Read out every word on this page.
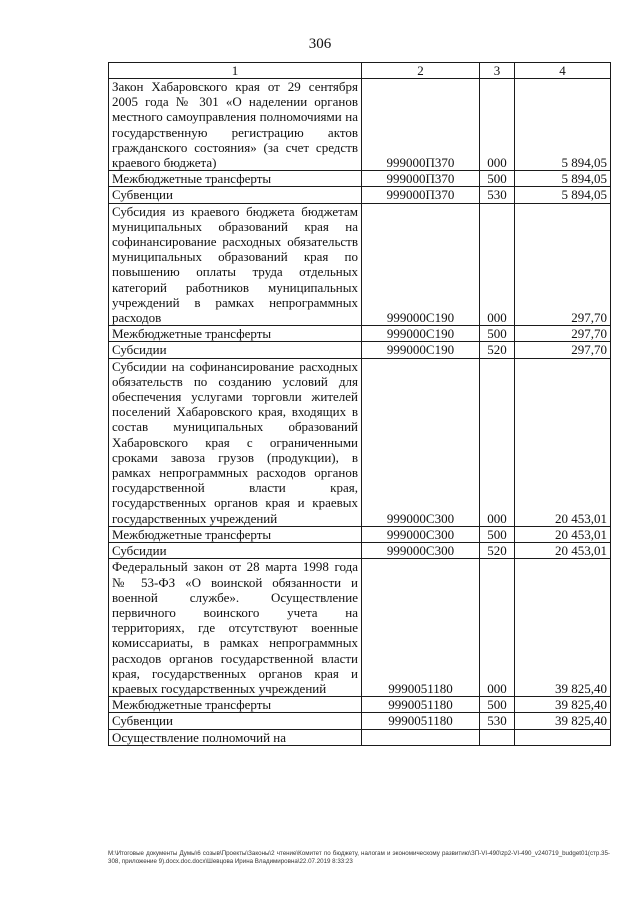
306
1	2	3	4
Закон Хабаровского края от 29 сентября 2005 года № 301 «О наделении органов местного самоуправления полномочиями на государственную регистрацию актов гражданского состояния» (за счет средств краевого бюджета)	999000П370	000	5 894,05
Межбюджетные трансферты	999000П370	500	5 894,05
Субвенции	999000П370	530	5 894,05
Субсидия из краевого бюджета бюджетам муниципальных образований края на софинансирование расходных обязательств муниципальных образований края по повышению оплаты труда отдельных категорий работников муниципальных учреждений в рамках непрограммных расходов	999000С190	000	297,70
Межбюджетные трансферты	999000С190	500	297,70
Субсидии	999000С190	520	297,70
Субсидии на софинансирование расходных обязательств по созданию условий для обеспечения услугами торговли жителей поселений Хабаровского края, входящих в состав муниципальных образований Хабаровского края с ограниченными сроками завоза грузов (продукции), в рамках непрограммных расходов органов государственной власти края, государственных органов края и краевых государственных учреждений	999000С300	000	20 453,01
Межбюджетные трансферты	999000С300	500	20 453,01
Субсидии	999000С300	520	20 453,01
Федеральный закон от 28 марта 1998 года № 53-ФЗ «О воинской обязанности и военной службе». Осуществление первичного воинского учета на территориях, где отсутствуют военные комиссариаты, в рамках непрограммных расходов органов государственной власти края, государственных органов края и краевых государственных учреждений	9990051180	000	39 825,40
Межбюджетные трансферты	9990051180	500	39 825,40
Субвенции	9990051180	530	39 825,40
Осуществление полномочий на			
М:\Итоговые документы Думы\6 созыв\Проекты\Законы\2 чтение\Комитет по бюджету, налогам и экономическому развитию\ЗП-VI-490\zp2-VI-490_v240719_budget01(стр.35-308, приложение 9).docx.doc.docx\Шевцова Ирина Владимировна\22.07.2019 8:33:23
